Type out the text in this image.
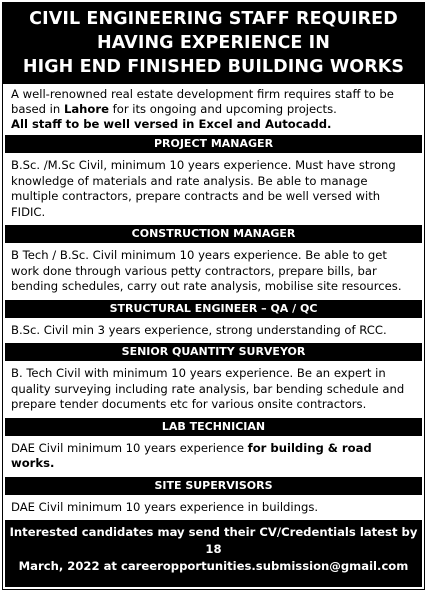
CIVIL ENGINEERING STAFF REQUIRED
HAVING EXPERIENCE IN
HIGH END FINISHED BUILDING WORKS
A well-renowned real estate development firm requires staff to be based in Lahore for its ongoing and upcoming projects.
All staff to be well versed in Excel and Autocadd.
PROJECT MANAGER
B.Sc. /M.Sc Civil, minimum 10 years experience. Must have strong knowledge of materials and rate analysis. Be able to manage multiple contractors, prepare contracts and be well versed with FIDIC.
CONSTRUCTION MANAGER
B Tech / B.Sc. Civil minimum 10 years experience. Be able to get work done through various petty contractors, prepare bills, bar bending schedules, carry out rate analysis, mobilise site resources.
STRUCTURAL ENGINEER – QA / QC
B.Sc. Civil min 3 years experience, strong understanding of RCC.
SENIOR QUANTITY SURVEYOR
B. Tech Civil with minimum 10 years experience. Be an expert in quality surveying including rate analysis, bar bending schedule and prepare tender documents etc for various onsite contractors.
LAB TECHNICIAN
DAE Civil minimum 10 years experience for building & road works.
SITE SUPERVISORS
DAE Civil minimum 10 years experience in buildings.
Interested candidates may send their CV/Credentials latest by 18
March, 2022 at careeropportunities.submission@gmail.com
